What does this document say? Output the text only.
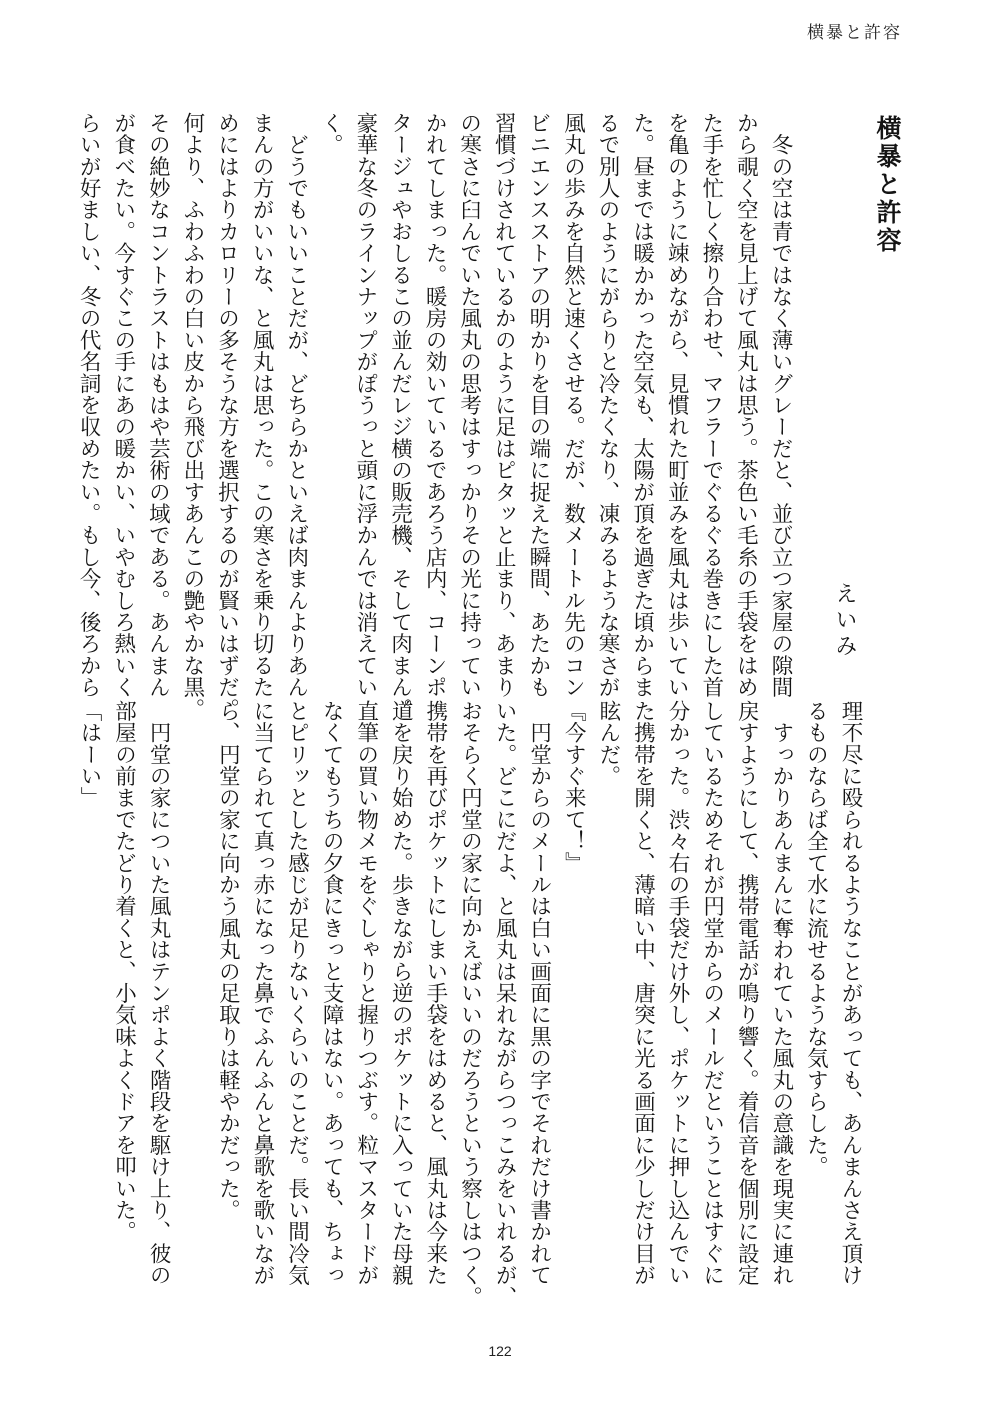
横暴と許容
横暴と許容
えいみ
　冬の空は青ではなく薄いグレーだと、並び立つ家屋の隙間
から覗く空を見上げて風丸は思う。茶色い毛糸の手袋をはめ
た手を忙しく擦り合わせ、マフラーでぐるぐる巻きにした首
を亀のように竦めながら、見慣れた町並みを風丸は歩いてい
た。昼までは暖かかった空気も、太陽が頂を過ぎた頃からま
るで別人のようにがらりと冷たくなり、凍みるような寒さが
風丸の歩みを自然と速くさせる。だが、数メートル先のコン
ビニエンスストアの明かりを目の端に捉えた瞬間、あたかも
習慣づけされているかのように足はピタッと止まり、あまり
の寒さに臼んでいた風丸の思考はすっかりその光に持ってい
かれてしまった。暖房の効いているであろう店内、コーンポ
タージュやおしるこの並んだレジ横の販売機、そして肉まん。
豪華な冬のラインナップがぽうっと頭に浮かんでは消えてい
く。
　どうでもいいことだが、どちらかといえば肉まんよりあん
まんの方がいいな、と風丸は思った。この寒さを乗り切るた
めにはよりカロリーの多そうな方を選択するのが賢いはずだ。
何より、ふわふわの白い皮から飛び出すあんこの艶やかな黒。
その絶妙なコントラストはもはや芸術の域である。あんまん
が食べたい。今すぐこの手にあの暖かい、いやむしろ熱いく
らいが好ましい、冬の代名詞を収めたい。もし今、後ろから
理不尽に殴られるようなことがあっても、あんまんさえ頂け
るものならば全て水に流せるような気すらした。
　すっかりあんまんに奪われていた風丸の意識を現実に連れ
戻すようにして、携帯電話が鳴り響く。着信音を個別に設定
しているためそれが円堂からのメールだということはすぐに
分かった。渋々右の手袋だけ外し、ポケットに押し込んでい
た携帯を開くと、薄暗い中、唐突に光る画面に少しだけ目が
眩んだ。
『今すぐ来て！』
　円堂からのメールは白い画面に黒の字でそれだけ書かれて
いた。どこにだよ、と風丸は呆れながらつっこみをいれるが、
おそらく円堂の家に向かえばいいのだろうという察しはつく。
携帯を再びポケットにしまい手袋をはめると、風丸は今来た
道を戻り始めた。歩きながら逆のポケットに入っていた母親
直筆の買い物メモをぐしゃりと握りつぶす。粒マスタードが
なくてもうちの夕食にきっと支障はない。あっても、ちょっ
とピリッとした感じが足りないくらいのことだ。長い間冷気
に当てられて真っ赤になった鼻でふんふんと鼻歌を歌いなが
ら、円堂の家に向かう風丸の足取りは軽やかだった。

　円堂の家についた風丸はテンポよく階段を駆け上り、彼の
部屋の前までたどり着くと、小気味よくドアを叩いた。
「はーい」
122
